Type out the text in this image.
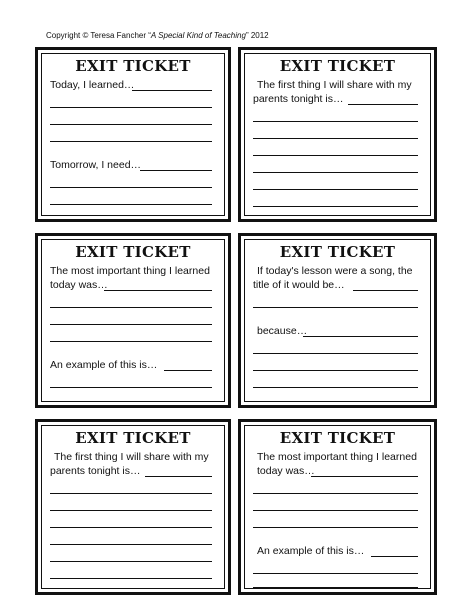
Copyright © Teresa Fancher “A Special Kind of Teaching” 2012
EXIT TICKET
Today, I learned…
Tomorrow, I need…
EXIT TICKET
The first thing I will share with my
parents tonight is…
EXIT TICKET
The most important thing I learned
today was…
An example of this is…
EXIT TICKET
If today's lesson were a song, the
title of it would be…
because…
EXIT TICKET
The first thing I will share with my
parents tonight is…
EXIT TICKET
The most important thing I learned
today was…
An example of this is…
